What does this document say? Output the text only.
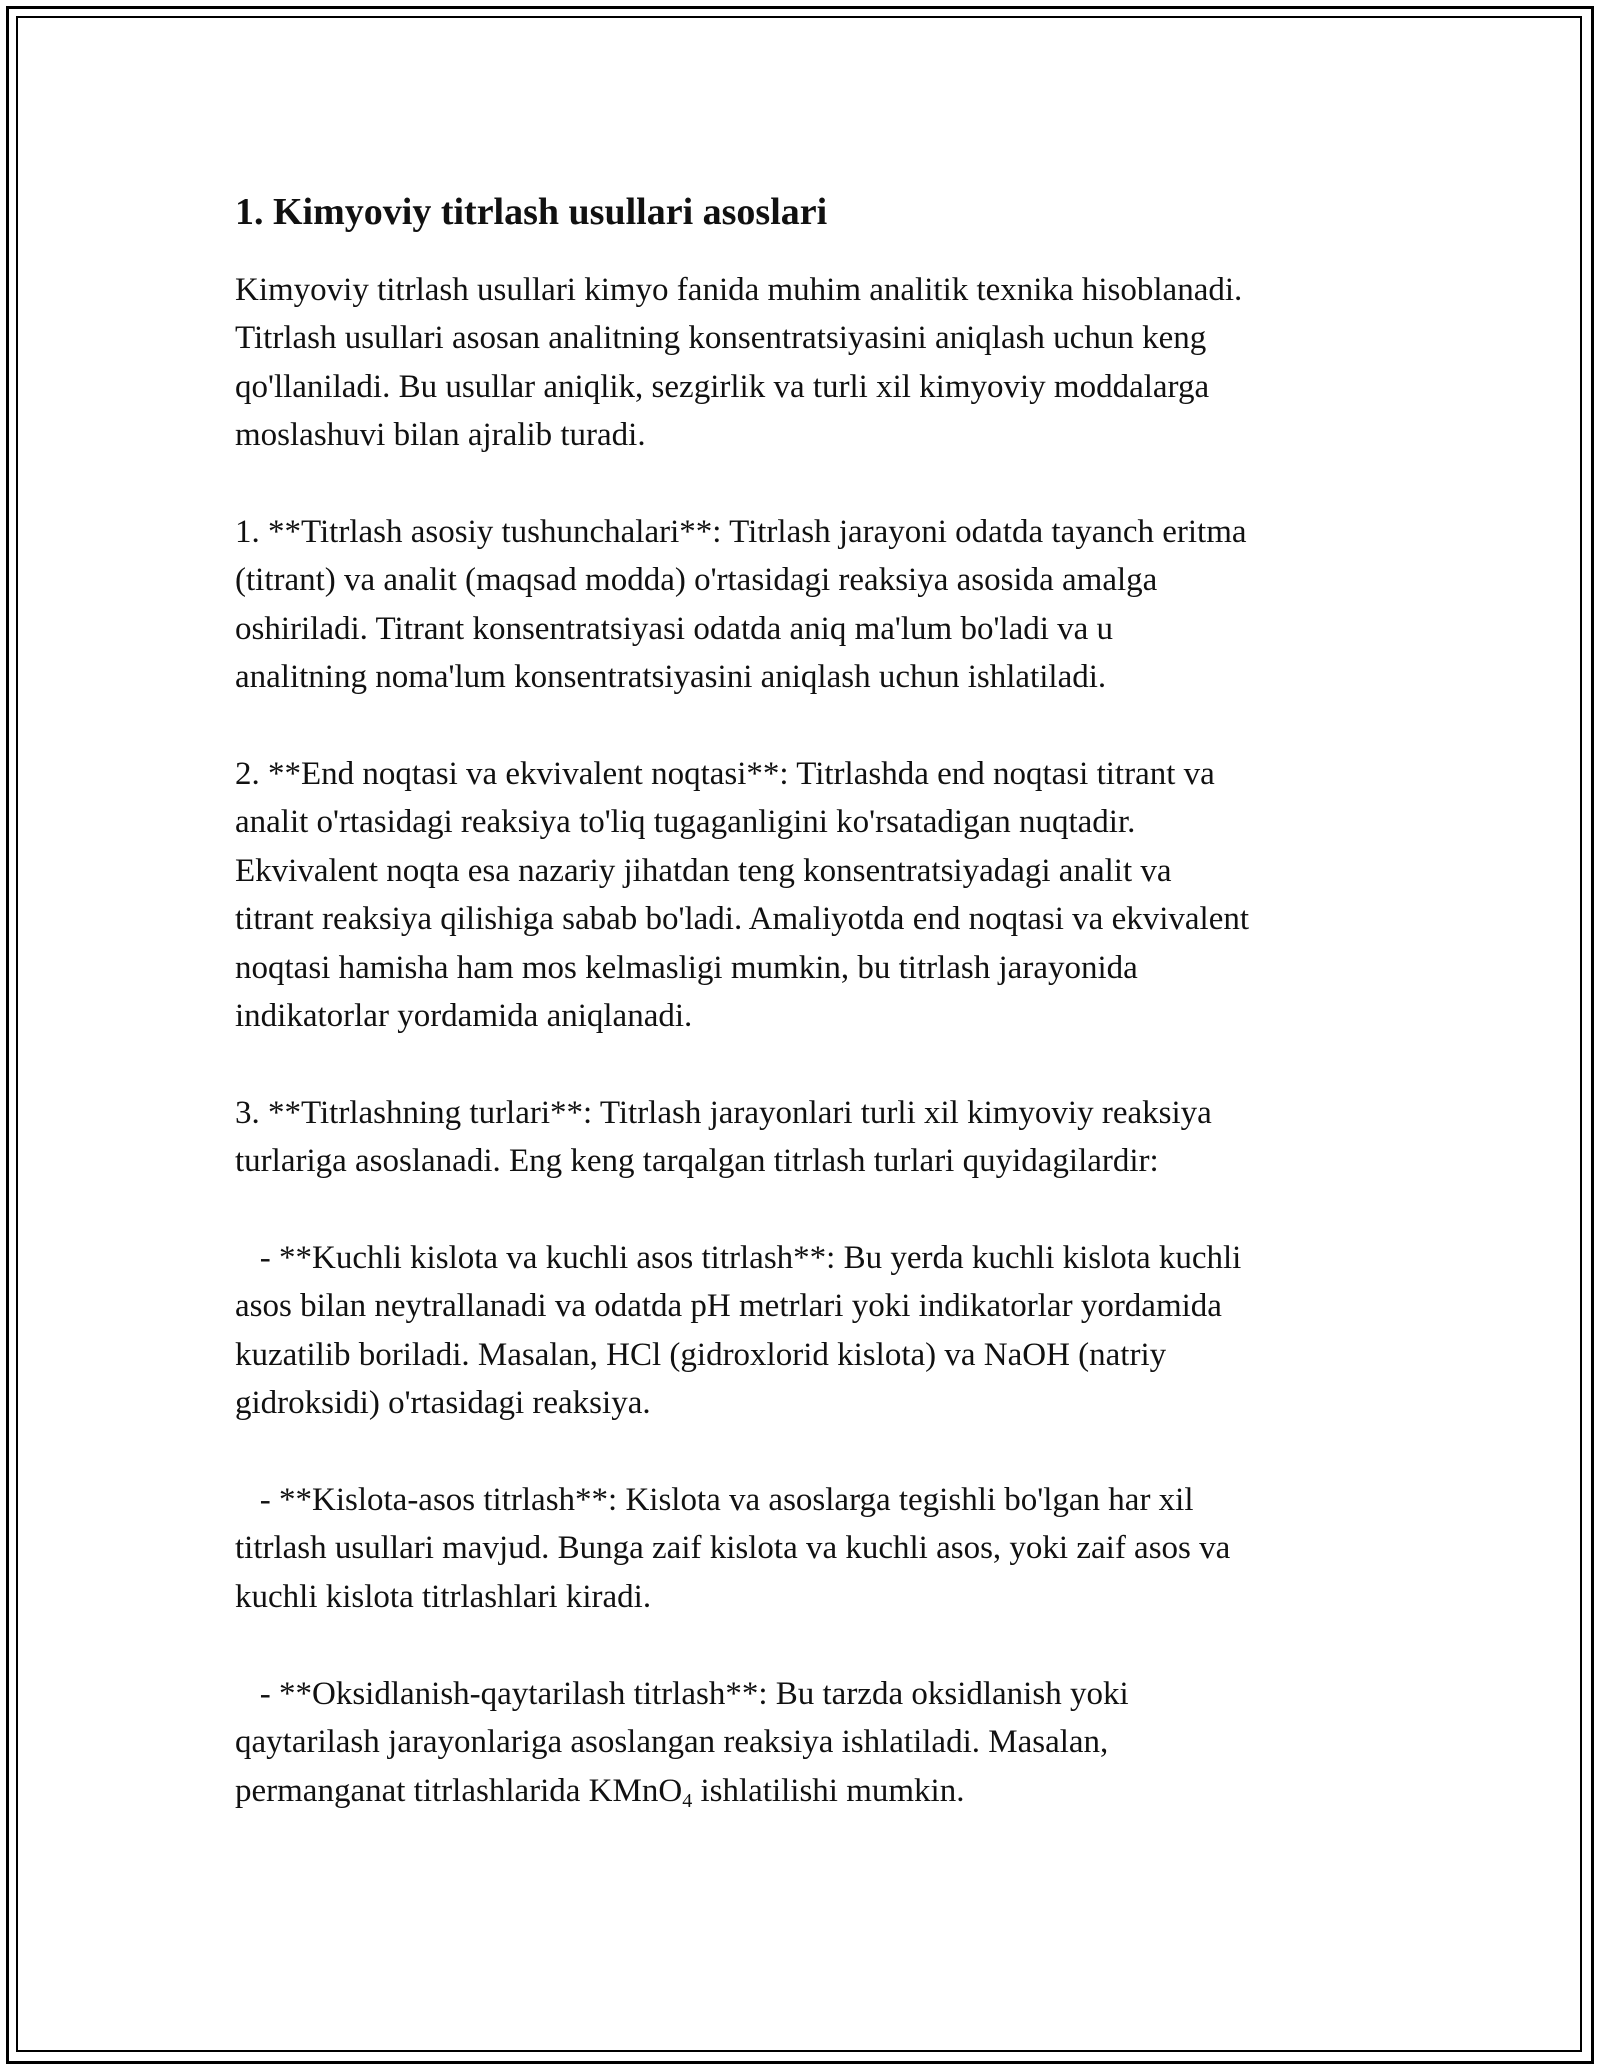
1. Kimyoviy titrlash usullari asoslari

Kimyoviy titrlash usullari kimyo fanida muhim analitik texnika hisoblanadi.
Titrlash usullari asosan analitning konsentratsiyasini aniqlash uchun keng
qo'llaniladi. Bu usullar aniqlik, sezgirlik va turli xil kimyoviy moddalarga
moslashuvi bilan ajralib turadi.

1. **Titrlash asosiy tushunchalari**: Titrlash jarayoni odatda tayanch eritma
(titrant) va analit (maqsad modda) o'rtasidagi reaksiya asosida amalga
oshiriladi. Titrant konsentratsiyasi odatda aniq ma'lum bo'ladi va u
analitning noma'lum konsentratsiyasini aniqlash uchun ishlatiladi.

2. **End noqtasi va ekvivalent noqtasi**: Titrlashda end noqtasi titrant va
analit o'rtasidagi reaksiya to'liq tugaganligini ko'rsatadigan nuqtadir.
Ekvivalent noqta esa nazariy jihatdan teng konsentratsiyadagi analit va
titrant reaksiya qilishiga sabab bo'ladi. Amaliyotda end noqtasi va ekvivalent
noqtasi hamisha ham mos kelmasligi mumkin, bu titrlash jarayonida
indikatorlar yordamida aniqlanadi.

3. **Titrlashning turlari**: Titrlash jarayonlari turli xil kimyoviy reaksiya
turlariga asoslanadi. Eng keng tarqalgan titrlash turlari quyidagilardir:

- **Kuchli kislota va kuchli asos titrlash**: Bu yerda kuchli kislota kuchli
asos bilan neytrallanadi va odatda pH metrlari yoki indikatorlar yordamida
kuzatilib boriladi. Masalan, HCl (gidroxlorid kislota) va NaOH (natriy
gidroksidi) o'rtasidagi reaksiya.

- **Kislota-asos titrlash**: Kislota va asoslarga tegishli bo'lgan har xil
titrlash usullari mavjud. Bunga zaif kislota va kuchli asos, yoki zaif asos va
kuchli kislota titrlashlari kiradi.

- **Oksidlanish-qaytarilash titrlash**: Bu tarzda oksidlanish yoki
qaytarilash jarayonlariga asoslangan reaksiya ishlatiladi. Masalan,
permanganat titrlashlarida KMnO$_4$ ishlatilishi mumkin.
